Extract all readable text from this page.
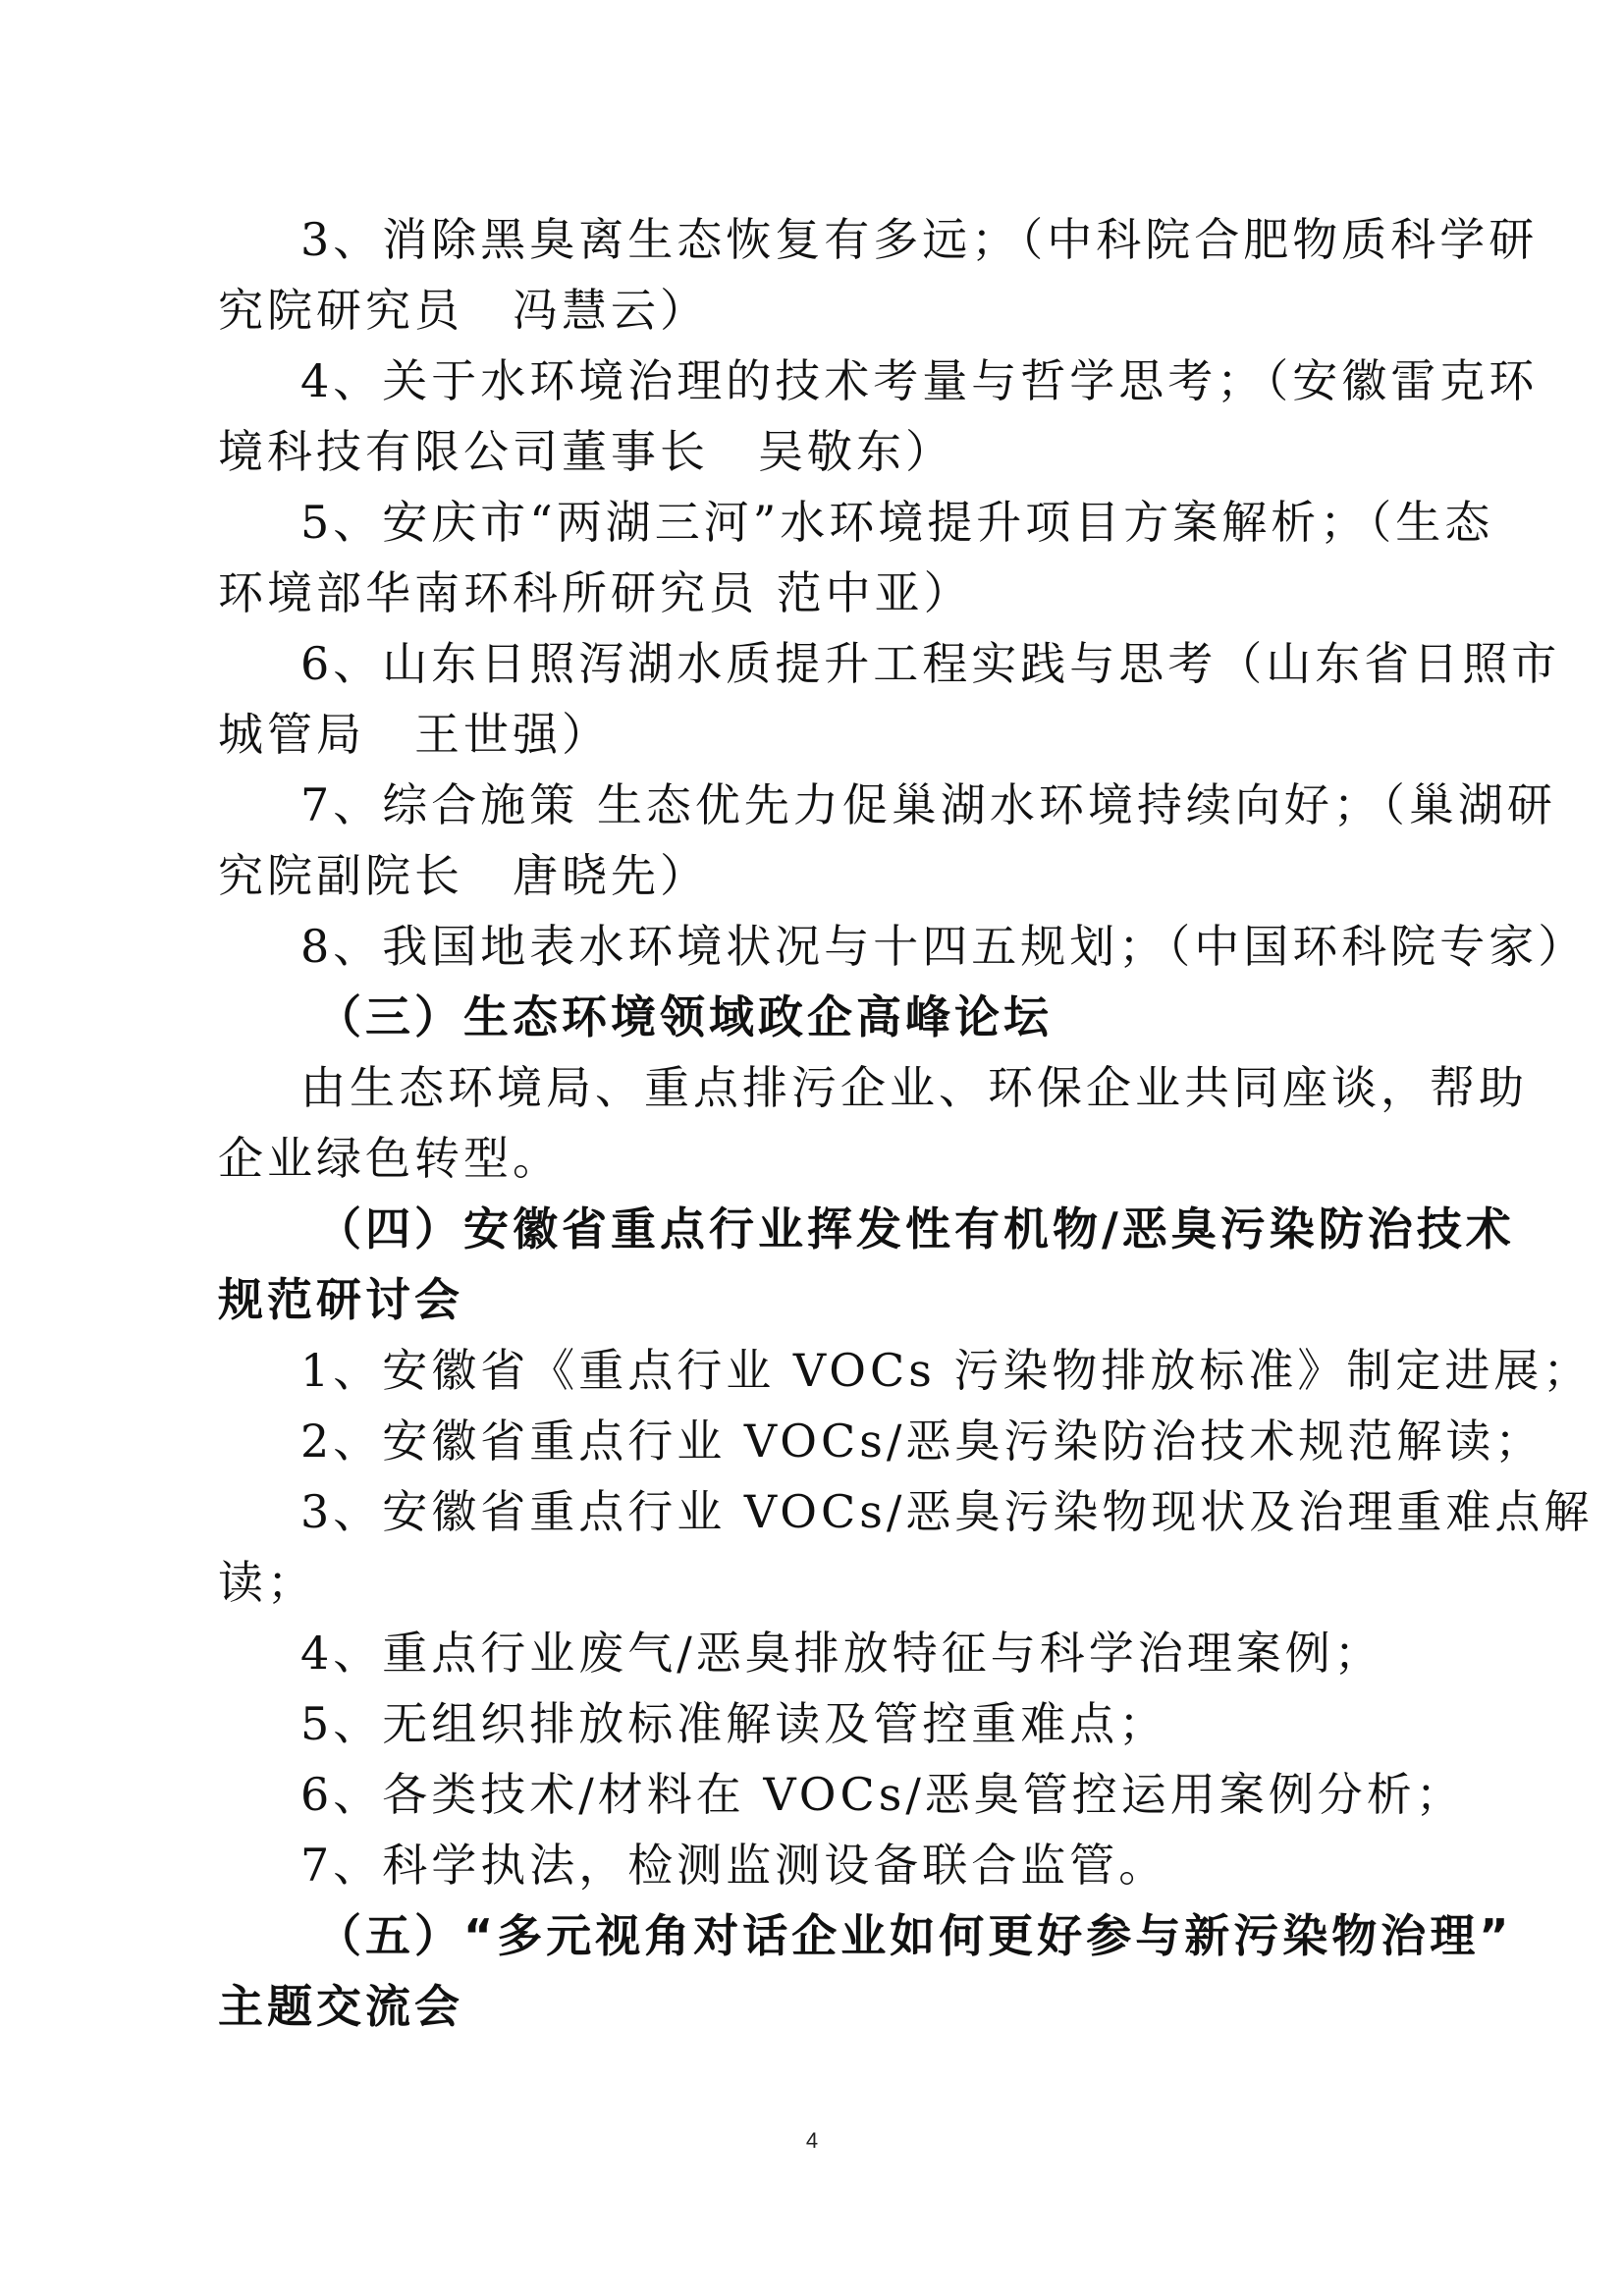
3、消除黑臭离生态恢复有多远；（中科院合肥物质科学研
究院研究员　冯慧云）
4、关于水环境治理的技术考量与哲学思考；（安徽雷克环
境科技有限公司董事长　吴敬东）
5、安庆市“两湖三河”水环境提升项目方案解析；（生态
环境部华南环科所研究员 范中亚）
6、山东日照泻湖水质提升工程实践与思考（山东省日照市
城管局　王世强）
7、综合施策 生态优先力促巢湖水环境持续向好；（巢湖研
究院副院长　唐晓先）
8、我国地表水环境状况与十四五规划；（中国环科院专家）
（三）生态环境领域政企高峰论坛
由生态环境局、重点排污企业、环保企业共同座谈，帮助
企业绿色转型。
（四）安徽省重点行业挥发性有机物/恶臭污染防治技术
规范研讨会
1、安徽省《重点行业 VOCs 污染物排放标准》制定进展；
2、安徽省重点行业 VOCs/恶臭污染防治技术规范解读；
3、安徽省重点行业 VOCs/恶臭污染物现状及治理重难点解
读；
4、重点行业废气/恶臭排放特征与科学治理案例；
5、无组织排放标准解读及管控重难点；
6、各类技术/材料在 VOCs/恶臭管控运用案例分析；
7、科学执法，检测监测设备联合监管。
（五）“多元视角对话企业如何更好参与新污染物治理”
主题交流会
4
